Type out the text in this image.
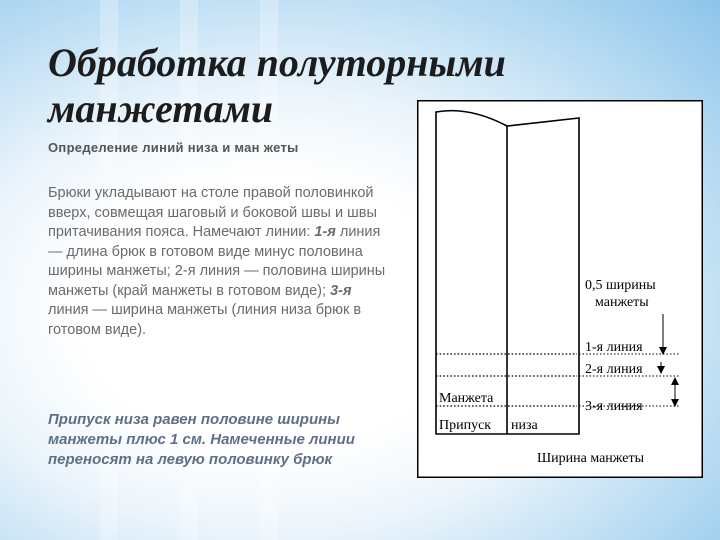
Обработка полуторными манжетами
Определение линий низа и ман жеты
Брюки укладывают на столе правой половинкой вверх, совмещая шаговый и боковой швы и швы притачивания пояса. Намечают линии: 1-я линия — длина брюк в готовом виде минус половина ширины манжеты; 2-я линия — половина ширины манжеты (край манжеты в готовом виде); 3-я линия — ширина манжеты (линия низа брюк в готовом виде).
Припуск низа равен половине ширины манжеты плюс 1 см. Намеченные линии переносят на левую половинку брюк
0,5 ширины
манжеты
1-я линия
2-я линия
3-я линия
Манжета
Припуск низа
Ширина манжеты
